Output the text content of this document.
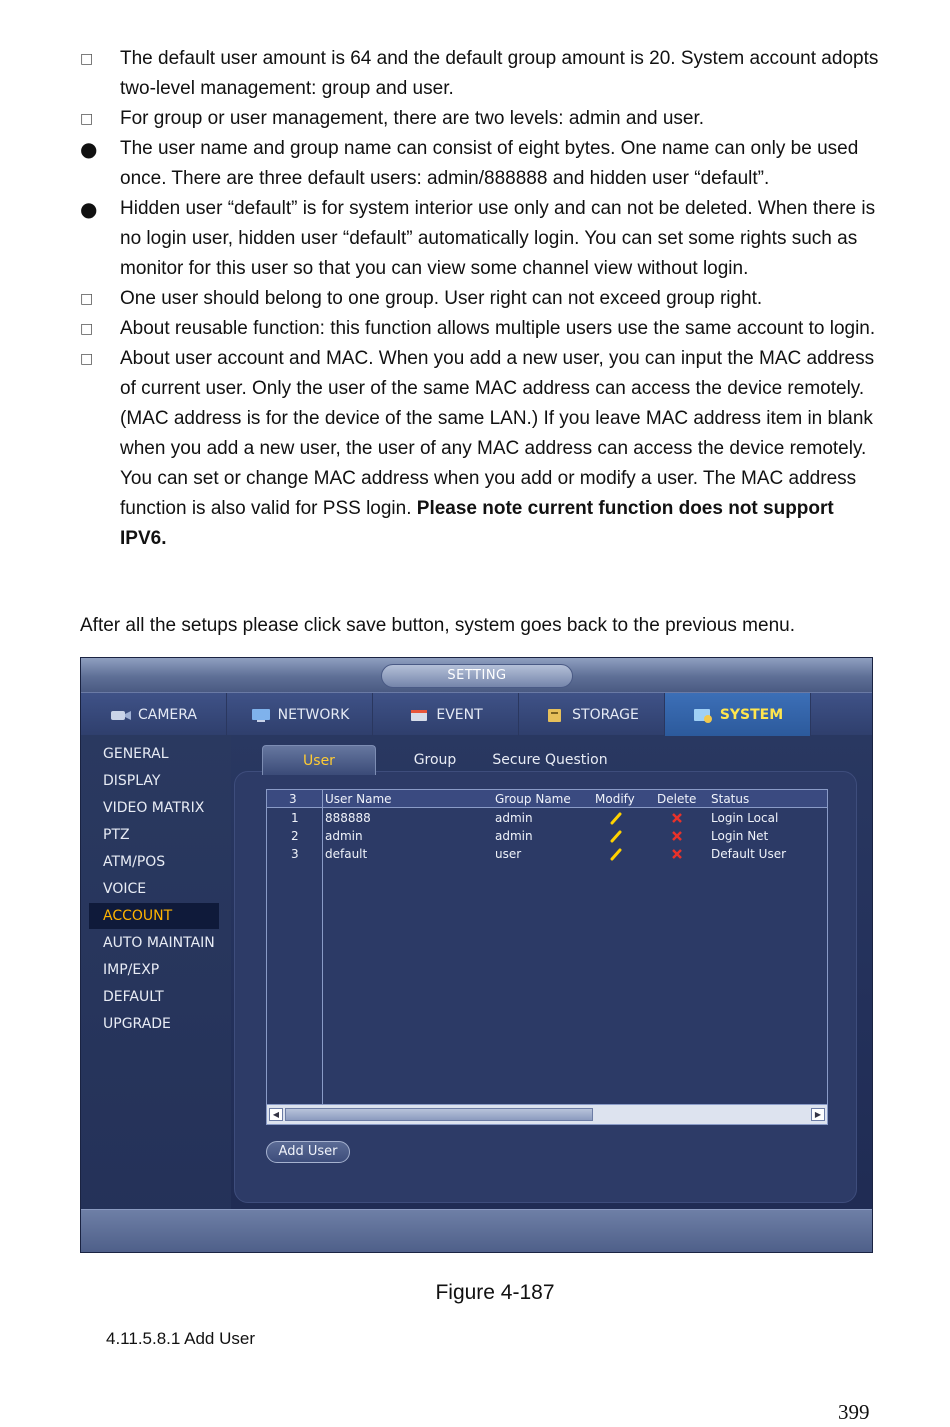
□	The default user amount is 64 and the default group amount is 20. System account adopts two-level management: group and user.
□	For group or user management, there are two levels: admin and user.
●	The user name and group name can consist of eight bytes. One name can only be used once. There are three default users: admin/888888 and hidden user “default”.
●	Hidden user “default” is for system interior use only and can not be deleted. When there is no login user, hidden user “default” automatically login. You can set some rights such as monitor for this user so that you can view some channel view without login.
□	One user should belong to one group. User right can not exceed group right.
□	About reusable function: this function allows multiple users use the same account to login.
□	About user account and MAC. When you add a new user, you can input the MAC address of current user. Only the user of the same MAC address can access the device remotely. (MAC address is for the device of the same LAN.) If you leave MAC address item in blank when you add a new user, the user of any MAC address can access the device remotely. You can set or change MAC address when you add or modify a user. The MAC address function is also valid for PSS login. Please note current function does not support IPV6.
After all the setups please click save button, system goes back to the previous menu.
SETTING
CAMERA	NETWORK	EVENT	STORAGE	SYSTEM
GENERAL
DISPLAY
VIDEO MATRIX
PTZ
ATM/POS
VOICE
ACCOUNT
AUTO MAINTAIN
IMP/EXP
DEFAULT
UPGRADE
User	Group	Secure Question
3 User Name	Group Name Modify Delete Status
1 888888	admin	Login Local
2 admin	admin	Login Net
3 default	user	Default User
◀	▶
Add User
Figure 4-187
4.11.5.8.1 Add User
399
